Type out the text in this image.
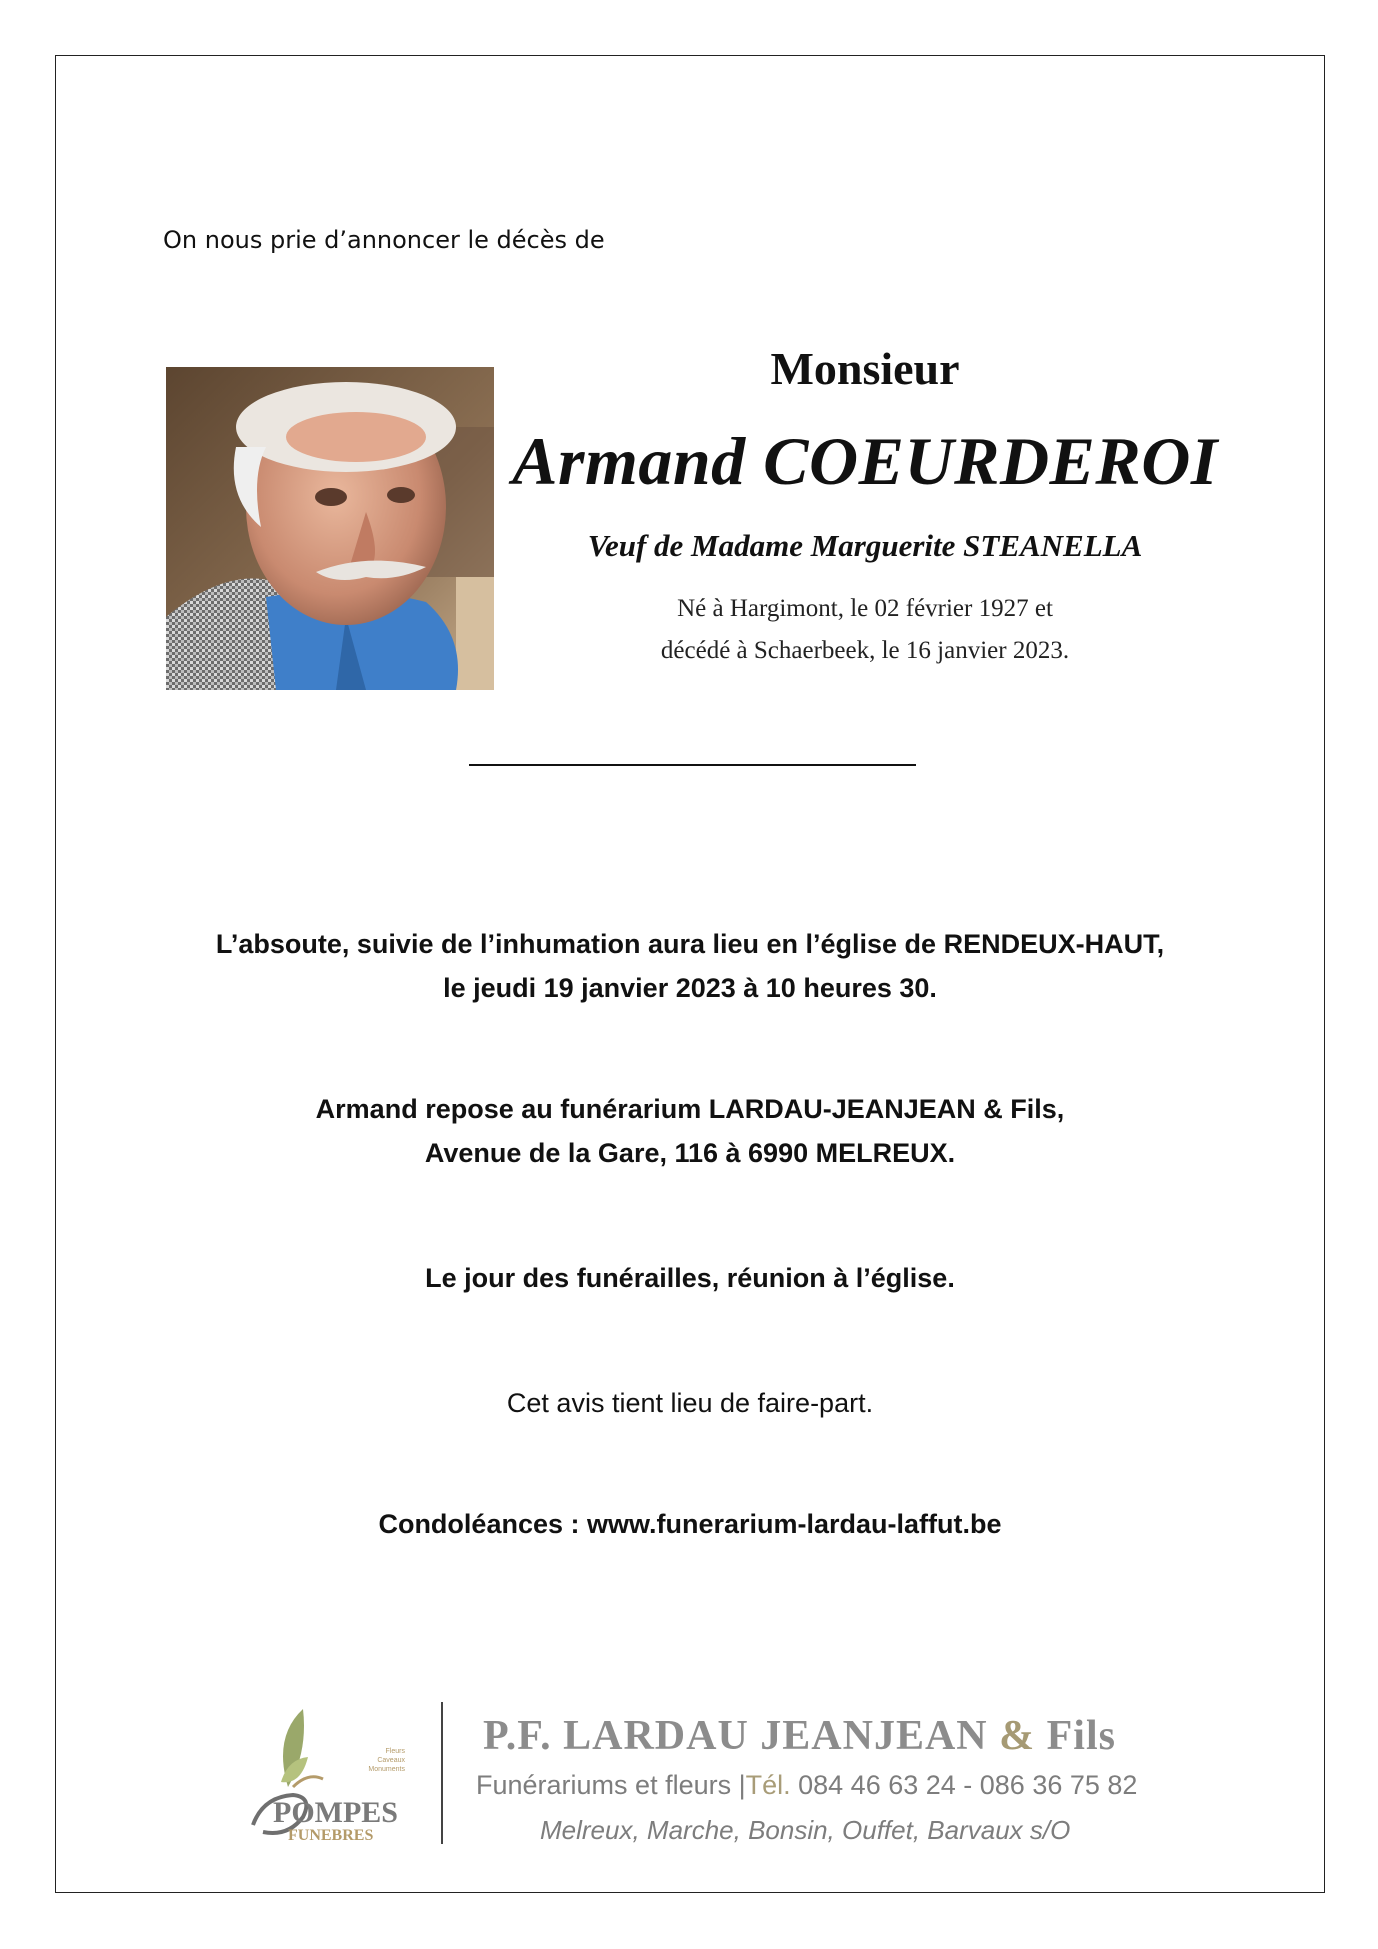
On nous prie d’annoncer le décès de
Monsieur
Armand COEURDEROI
Veuf de Madame Marguerite STEANELLA
Né à Hargimont, le 02 février 1927 et
décédé à Schaerbeek, le 16 janvier 2023.
L’absoute, suivie de l’inhumation aura lieu en l’église de RENDEUX-HAUT,
le jeudi 19 janvier 2023 à 10 heures 30.
Armand repose au funérarium LARDAU-JEANJEAN & Fils,
Avenue de la Gare, 116 à 6990 MELREUX.
Le jour des funérailles, réunion à l’église.
Cet avis tient lieu de faire-part.
Condoléances : www.funerarium-lardau-laffut.be
POMPES
FUNEBRES
Fleurs
Caveaux
Monuments
P.F. LARDAU JEANJEAN & Fils
Funérariums et fleurs |Tél. 084 46 63 24 - 086 36 75 82
Melreux, Marche, Bonsin, Ouffet, Barvaux s/O
